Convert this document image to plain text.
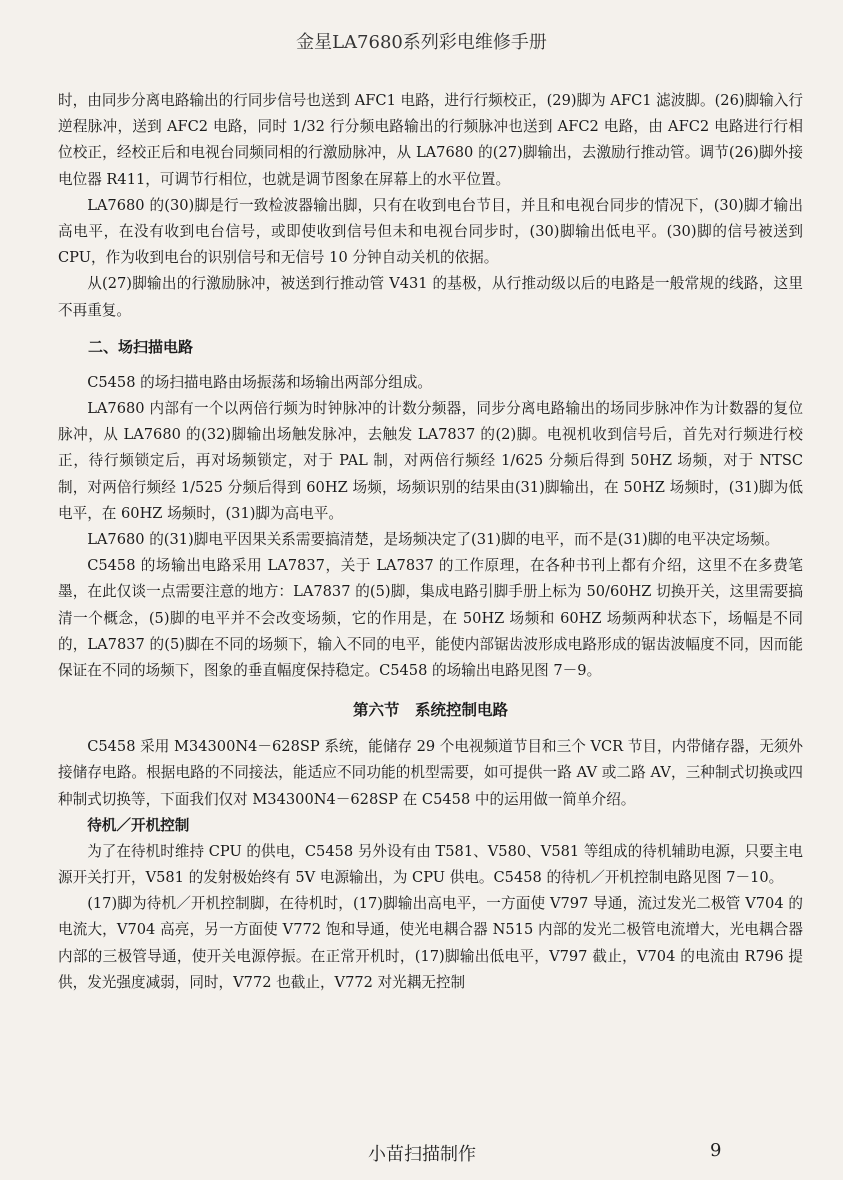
金星LA7680系列彩电维修手册

时，由同步分离电路输出的行同步信号也送到 AFC1 电路，进行行频校正，(29)脚为 AFC1 滤波脚。(26)脚输入行逆程脉冲，送到 AFC2 电路，同时 1/32 行分频电路输出的行频脉冲也送到 AFC2 电路，由 AFC2 电路进行行相位校正，经校正后和电视台同频同相的行激励脉冲，从 LA7680 的(27)脚输出，去激励行推动管。调节(26)脚外接电位器 R411，可调节行相位，也就是调节图象在屏幕上的水平位置。

LA7680 的(30)脚是行一致检波器输出脚，只有在收到电台节目，并且和电视台同步的情况下，(30)脚才输出高电平，在没有收到电台信号，或即使收到信号但未和电视台同步时，(30)脚输出低电平。(30)脚的信号被送到 CPU，作为收到电台的识别信号和无信号 10 分钟自动关机的依据。

从(27)脚输出的行激励脉冲，被送到行推动管 V431 的基极，从行推动级以后的电路是一般常规的线路，这里不再重复。

二、场扫描电路

C5458 的场扫描电路由场振荡和场输出两部分组成。

LA7680 内部有一个以两倍行频为时钟脉冲的计数分频器，同步分离电路输出的场同步脉冲作为计数器的复位脉冲，从 LA7680 的(32)脚输出场触发脉冲，去触发 LA7837 的(2)脚。电视机收到信号后，首先对行频进行校正，待行频锁定后，再对场频锁定，对于 PAL 制，对两倍行频经 1/625 分频后得到 50HZ 场频，对于 NTSC 制，对两倍行频经 1/525 分频后得到 60HZ 场频，场频识别的结果由(31)脚输出，在 50HZ 场频时，(31)脚为低电平，在 60HZ 场频时，(31)脚为高电平。

LA7680 的(31)脚电平因果关系需要搞清楚，是场频决定了(31)脚的电平，而不是(31)脚的电平决定场频。

C5458 的场输出电路采用 LA7837，关于 LA7837 的工作原理，在各种书刊上都有介绍，这里不在多费笔墨，在此仅谈一点需要注意的地方：LA7837 的(5)脚，集成电路引脚手册上标为 50/60HZ 切换开关，这里需要搞清一个概念，(5)脚的电平并不会改变场频，它的作用是，在 50HZ 场频和 60HZ 场频两种状态下，场幅是不同的，LA7837 的(5)脚在不同的场频下，输入不同的电平，能使内部锯齿波形成电路形成的锯齿波幅度不同，因而能保证在不同的场频下，图象的垂直幅度保持稳定。C5458 的场输出电路见图 7－9。

第六节　系统控制电路

C5458 采用 M34300N4－628SP 系统，能储存 29 个电视频道节目和三个 VCR 节目，内带储存器，无须外接储存电路。根据电路的不同接法，能适应不同功能的机型需要，如可提供一路 AV 或二路 AV，三种制式切换或四种制式切换等，下面我们仅对 M34300N4－628SP 在 C5458 中的运用做一简单介绍。

待机／开机控制

为了在待机时维持 CPU 的供电，C5458 另外设有由 T581、V580、V581 等组成的待机辅助电源，只要主电源开关打开，V581 的发射极始终有 5V 电源输出，为 CPU 供电。C5458 的待机／开机控制电路见图 7－10。

(17)脚为待机／开机控制脚，在待机时，(17)脚输出高电平，一方面使 V797 导通，流过发光二极管 V704 的电流大，V704 高亮，另一方面使 V772 饱和导通，使光电耦合器 N515 内部的发光二极管电流增大，光电耦合器内部的三极管导通，使开关电源停振。在正常开机时，(17)脚输出低电平，V797 截止，V704 的电流由 R796 提供，发光强度减弱，同时，V772 也截止，V772 对光耦无控制

小苗扫描制作	9
